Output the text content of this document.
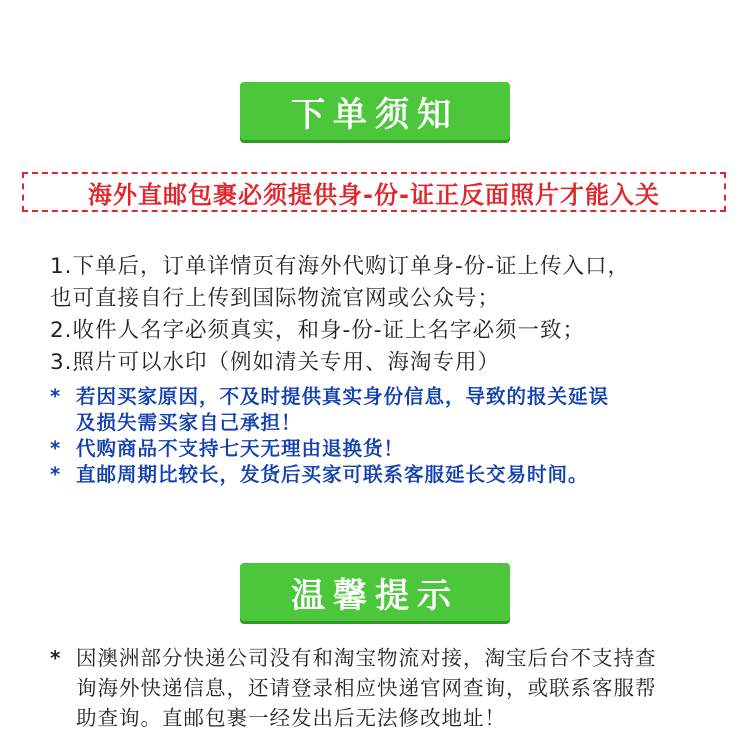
下单须知
海外直邮包裹必须提供身-份-证正反面照片才能入关
1.下单后，订单详情页有海外代购订单身-份-证上传入口，
也可直接自行上传到国际物流官网或公众号；
2.收件人名字必须真实，和身-份-证上名字必须一致；
3.照片可以水印（例如清关专用、海淘专用）
* 若因买家原因，不及时提供真实身份信息，导致的报关延误
及损失需买家自己承担！
* 代购商品不支持七天无理由退换货！
* 直邮周期比较长，发货后买家可联系客服延长交易时间。
温馨提示
* 因澳洲部分快递公司没有和淘宝物流对接，淘宝后台不支持查
询海外快递信息，还请登录相应快递官网查询，或联系客服帮
助查询。直邮包裹一经发出后无法修改地址！
